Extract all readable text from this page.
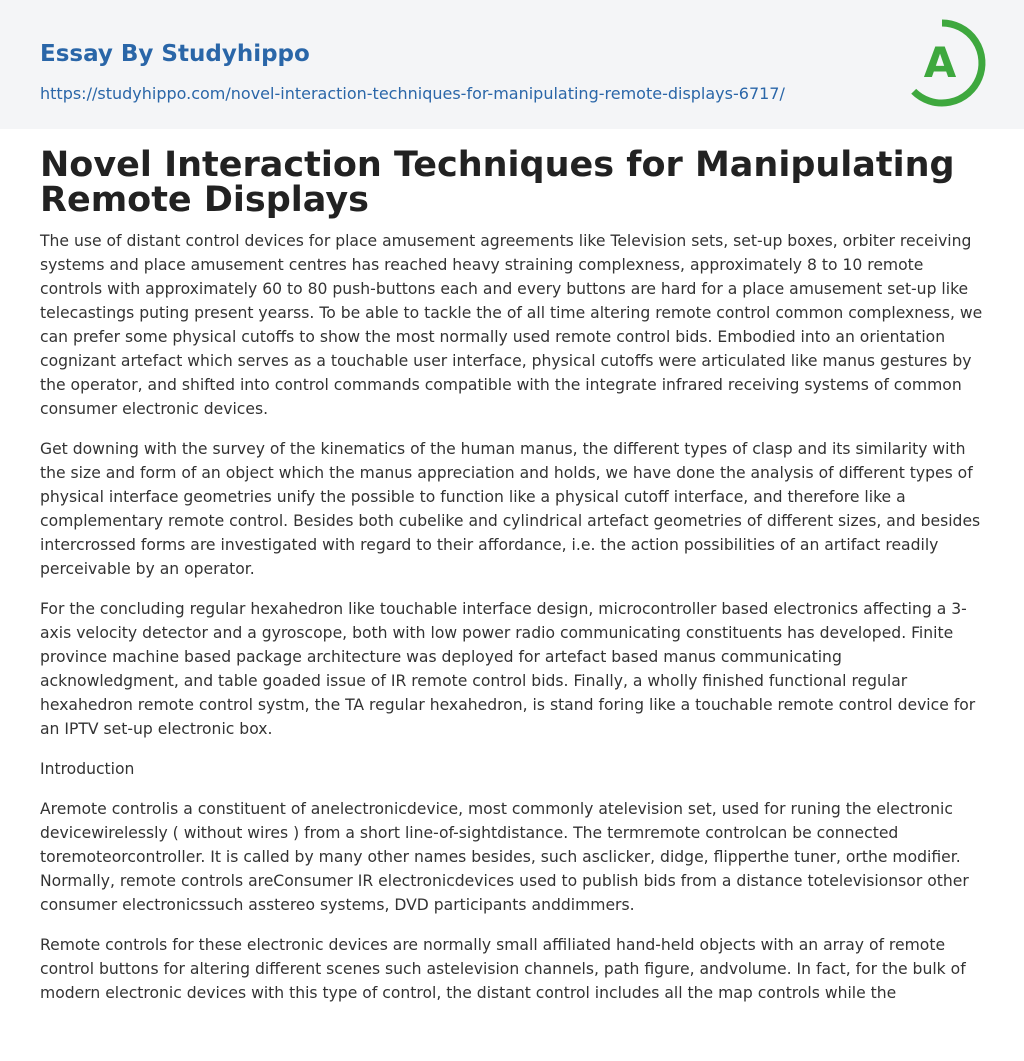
Essay By Studyhippo
https://studyhippo.com/novel-interaction-techniques-for-manipulating-remote-displays-6717/
A
Novel Interaction Techniques for Manipulating Remote Displays

The use of distant control devices for place amusement agreements like Television sets, set-up boxes, orbiter receiving systems and place amusement centres has reached heavy straining complexness, approximately 8 to 10 remote controls with approximately 60 to 80 push-buttons each and every buttons are hard for a place amusement set-up like telecastings puting present yearss. To be able to tackle the of all time altering remote control common complexness, we can prefer some physical cutoffs to show the most normally used remote control bids. Embodied into an orientation cognizant artefact which serves as a touchable user interface, physical cutoffs were articulated like manus gestures by the operator, and shifted into control commands compatible with the integrate infrared receiving systems of common consumer electronic devices.

Get downing with the survey of the kinematics of the human manus, the different types of clasp and its similarity with the size and form of an object which the manus appreciation and holds, we have done the analysis of different types of physical interface geometries unify the possible to function like a physical cutoff interface, and therefore like a complementary remote control. Besides both cubelike and cylindrical artefact geometries of different sizes, and besides intercrossed forms are investigated with regard to their affordance, i.e. the action possibilities of an artifact readily perceivable by an operator.

For the concluding regular hexahedron like touchable interface design, microcontroller based electronics affecting a 3-axis velocity detector and a gyroscope, both with low power radio communicating constituents has developed. Finite province machine based package architecture was deployed for artefact based manus communicating acknowledgment, and table goaded issue of IR remote control bids. Finally, a wholly finished functional regular hexahedron remote control systm, the TA regular hexahedron, is stand foring like a touchable remote control device for an IPTV set-up electronic box.

Introduction

Aremote controlis a constituent of anelectronicdevice, most commonly atelevision set, used for runing the electronic devicewirelessly ( without wires ) from a short line-of-sightdistance. The termremote controlcan be connected toremoteorcontroller. It is called by many other names besides, such asclicker, didge, flipperthe tuner, orthe modifier. Normally, remote controls areConsumer IR electronicdevices used to publish bids from a distance totelevisionsor other consumer electronicssuch asstereo systems, DVD participants anddimmers.

Remote controls for these electronic devices are normally small affiliated hand-held objects with an array of remote control buttons for altering different scenes such astelevision channels, path figure, andvolume. In fact, for the bulk of modern electronic devices with this type of control, the distant control includes all the map controls while the
